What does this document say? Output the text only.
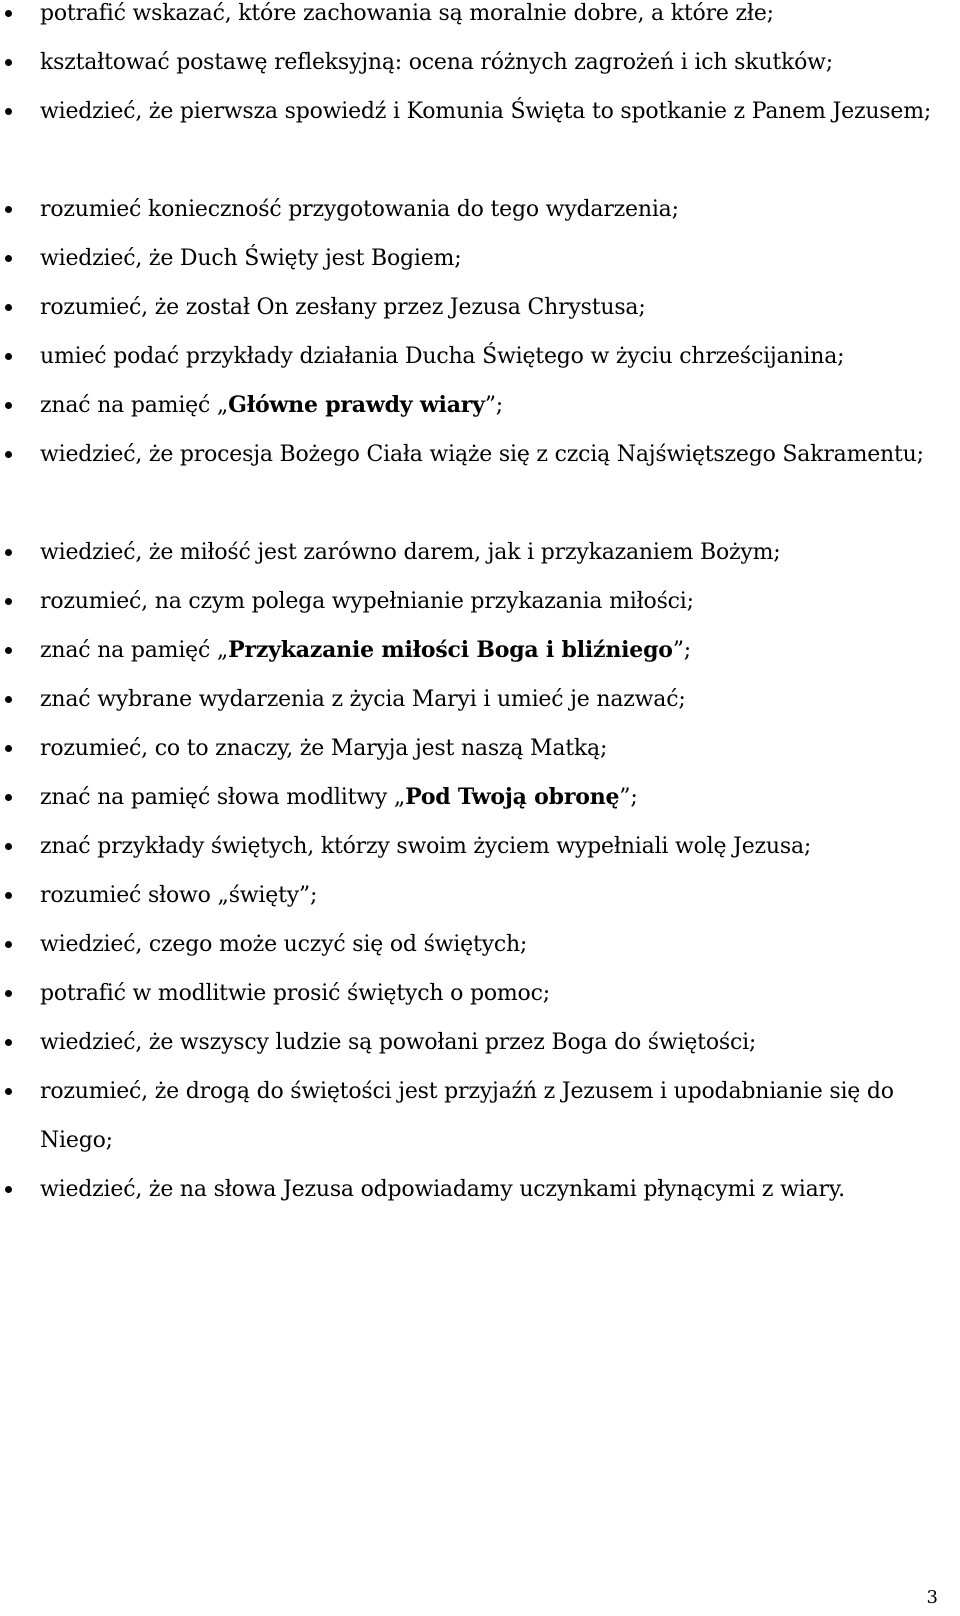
potrafić wskazać, które zachowania są moralnie dobre, a które złe;
kształtować postawę refleksyjną: ocena różnych zagrożeń i ich skutków;
wiedzieć, że pierwsza spowiedź i Komunia Święta to spotkanie z Panem Jezusem;
rozumieć konieczność przygotowania do tego wydarzenia;
wiedzieć, że Duch Święty jest Bogiem;
rozumieć, że został On zesłany przez Jezusa Chrystusa;
umieć podać przykłady działania Ducha Świętego w życiu chrześcijanina;
znać na pamięć „Główne prawdy wiary”;
wiedzieć, że procesja Bożego Ciała wiąże się z czcią Najświętszego Sakramentu;
wiedzieć, że miłość jest zarówno darem, jak i przykazaniem Bożym;
rozumieć, na czym polega wypełnianie przykazania miłości;
znać na pamięć „Przykazanie miłości Boga i bliźniego”;
znać wybrane wydarzenia z życia Maryi i umieć je nazwać;
rozumieć, co to znaczy, że Maryja jest naszą Matką;
znać na pamięć słowa modlitwy „Pod Twoją obronę”;
znać przykłady świętych, którzy swoim życiem wypełniali wolę Jezusa;
rozumieć słowo „święty”;
wiedzieć, czego może uczyć się od świętych;
potrafić w modlitwie prosić świętych o pomoc;
wiedzieć, że wszyscy ludzie są powołani przez Boga do świętości;
rozumieć, że drogą do świętości jest przyjaźń z Jezusem i upodabnianie się do Niego;
wiedzieć, że na słowa Jezusa odpowiadamy uczynkami płynącymi z wiary.
3
